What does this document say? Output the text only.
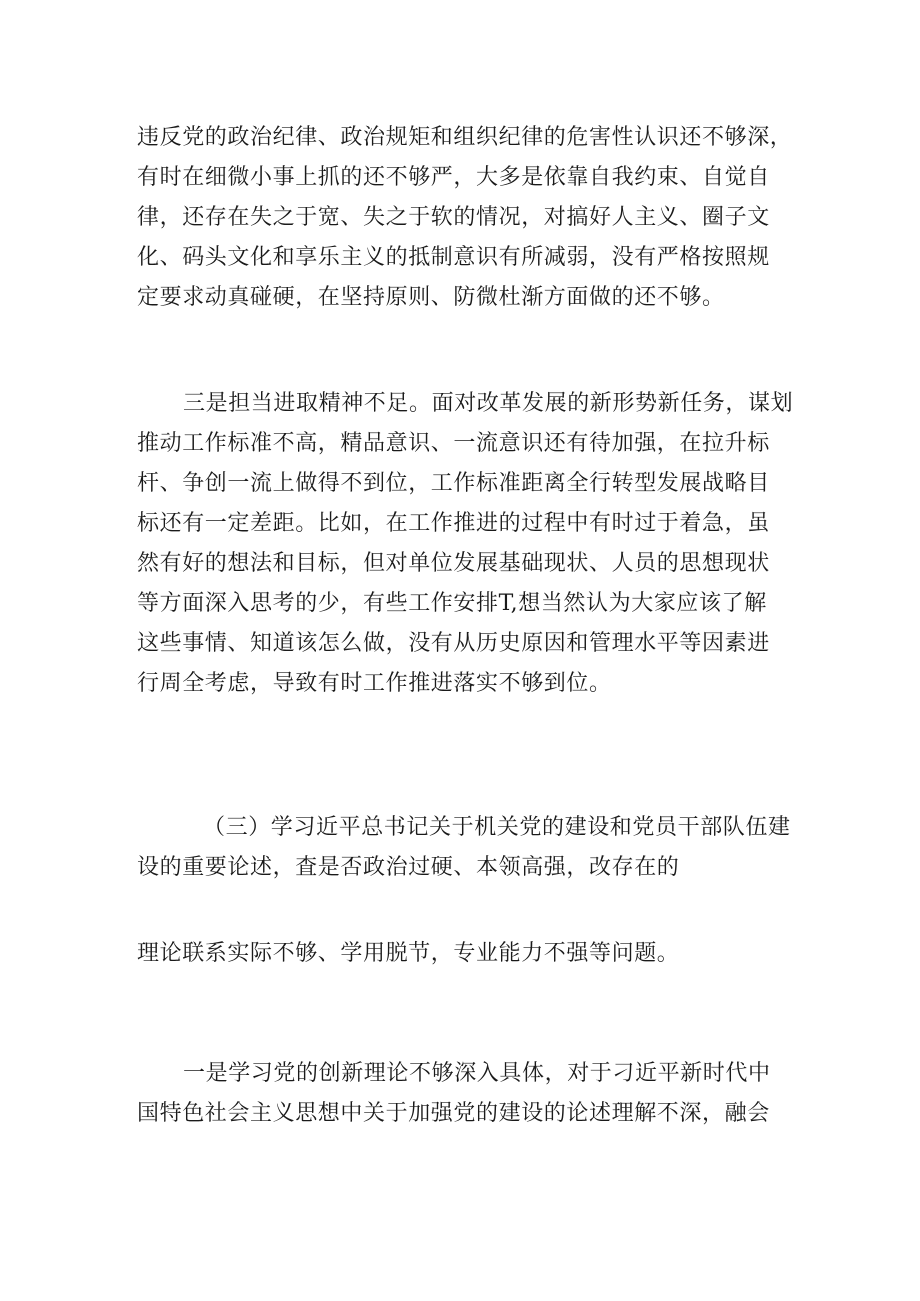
违反党的政治纪律、政治规矩和组织纪律的危害性认识还不够深，
有时在细微小事上抓的还不够严，大多是依靠自我约束、自觉自
律，还存在失之于宽、失之于软的情况，对搞好人主义、圈子文
化、码头文化和享乐主义的抵制意识有所减弱，没有严格按照规
定要求动真碰硬，在坚持原则、防微杜渐方面做的还不够。

三是担当进取精神不足。面对改革发展的新形势新任务，谋划
推动工作标准不高，精品意识、一流意识还有待加强，在拉升标
杆、争创一流上做得不到位，工作标准距离全行转型发展战略目
标还有一定差距。比如，在工作推进的过程中有时过于着急，虽
然有好的想法和目标，但对单位发展基础现状、人员的思想现状
等方面深入思考的少，有些工作安排T,想当然认为大家应该了解
这些事情、知道该怎么做，没有从历史原因和管理水平等因素进
行周全考虑，导致有时工作推进落实不够到位。

（三）学习近平总书记关于机关党的建设和党员干部队伍建
设的重要论述，査是否政治过硬、本领高强，改存在的

理论联系实际不够、学用脱节，专业能力不强等问题。

一是学习党的创新理论不够深入具体，对于刁近平新时代中
国特色社会主义思想中关于加强党的建设的论述理解不深，融会
